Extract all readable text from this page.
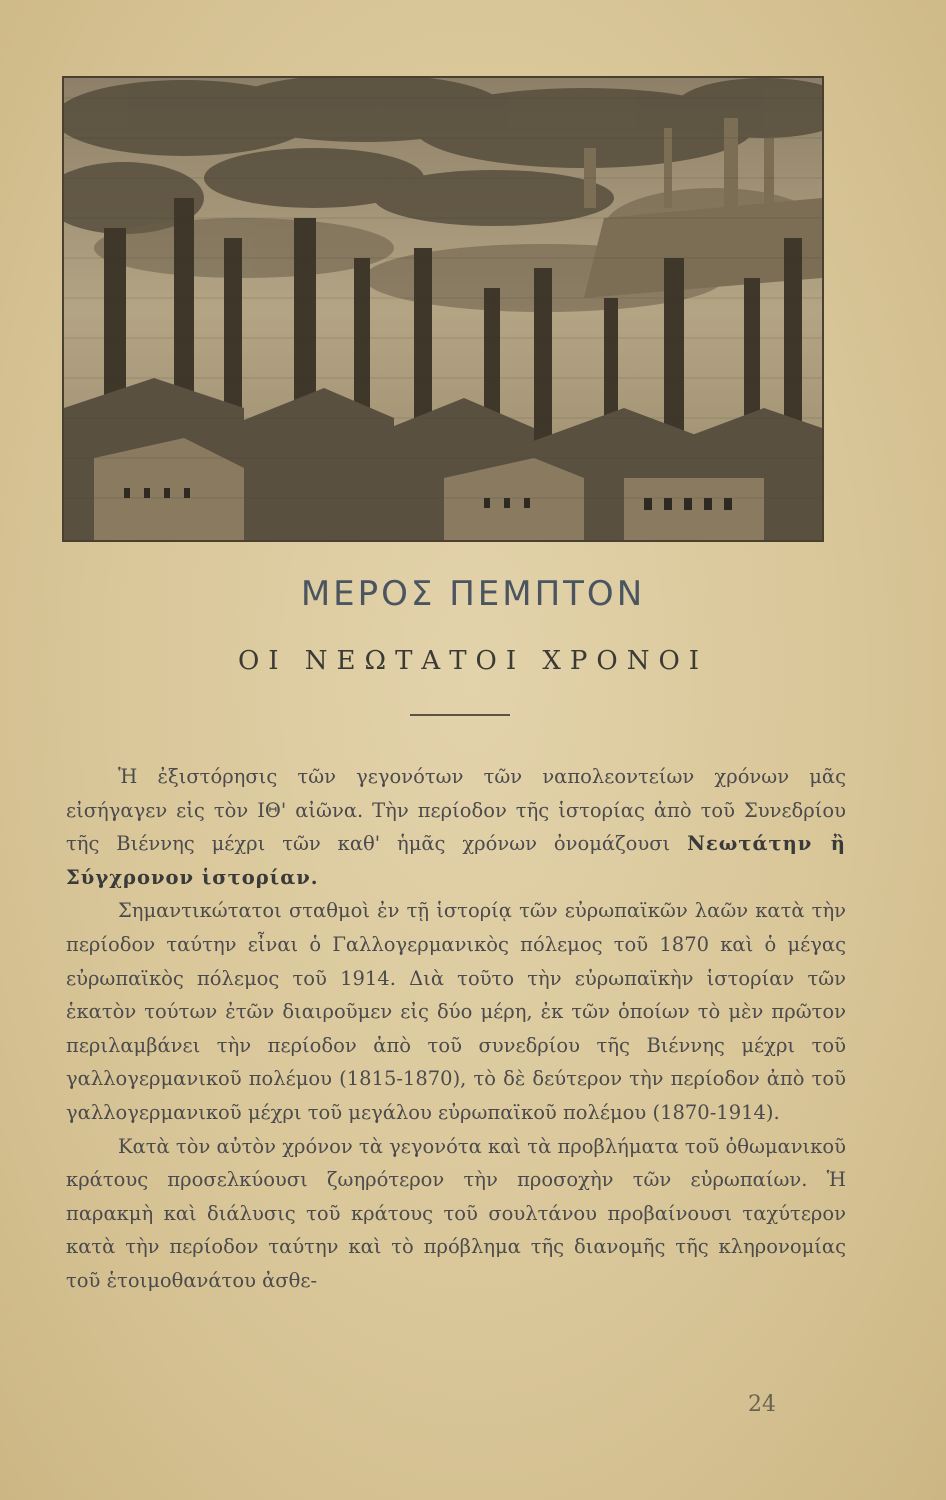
ΜΕΡΟΣ ΠΕΜΠΤΟΝ
ΟΙ ΝΕΩΤΑΤΟΙ ΧΡΟΝΟΙ

Ἡ ἐξιστόρησις τῶν γεγονότων τῶν ναπολεοντείων χρόνων μᾶς εἰσήγαγεν εἰς τὸν ΙΘ' αἰῶνα. Τὴν περίοδον τῆς ἱστορίας ἀπὸ τοῦ Συνεδρίου τῆς Βιέννης μέχρι τῶν καθ' ἡμᾶς χρόνων ὀνομάζουσι Νεωτάτην ἢ Σύγχρονον ἱστορίαν.

Σημαντικώτατοι σταθμοὶ ἐν τῇ ἱστορίᾳ τῶν εὐρωπαϊκῶν λαῶν κατὰ τὴν περίοδον ταύτην εἶναι ὁ Γαλλογερμανικὸς πόλεμος τοῦ 1870 καὶ ὁ μέγας εὐρωπαϊκὸς πόλεμος τοῦ 1914. Διὰ τοῦτο τὴν εὐρωπαϊκὴν ἱστορίαν τῶν ἑκατὸν τούτων ἐτῶν διαιροῦμεν εἰς δύο μέρη, ἐκ τῶν ὁποίων τὸ μὲν πρῶτον περιλαμβάνει τὴν περίοδον ἀπὸ τοῦ συνεδρίου τῆς Βιέννης μέχρι τοῦ γαλλογερμανικοῦ πολέμου (1815-1870), τὸ δὲ δεύτερον τὴν περίοδον ἀπὸ τοῦ γαλλογερμανικοῦ μέχρι τοῦ μεγάλου εὐρωπαϊκοῦ πολέμου (1870-1914).

Κατὰ τὸν αὐτὸν χρόνον τὰ γεγονότα καὶ τὰ προβλήματα τοῦ ὀθωμανικοῦ κράτους προσελκύουσι ζωηρότερον τὴν προσοχὴν τῶν εὐρωπαίων. Ἡ παρακμὴ καὶ διάλυσις τοῦ κράτους τοῦ σουλτάνου προβαίνουσι ταχύτερον κατὰ τὴν περίοδον ταύτην καὶ τὸ πρόβλημα τῆς διανομῆς τῆς κληρονομίας τοῦ ἑτοιμοθανάτου ἀσθε-

24
